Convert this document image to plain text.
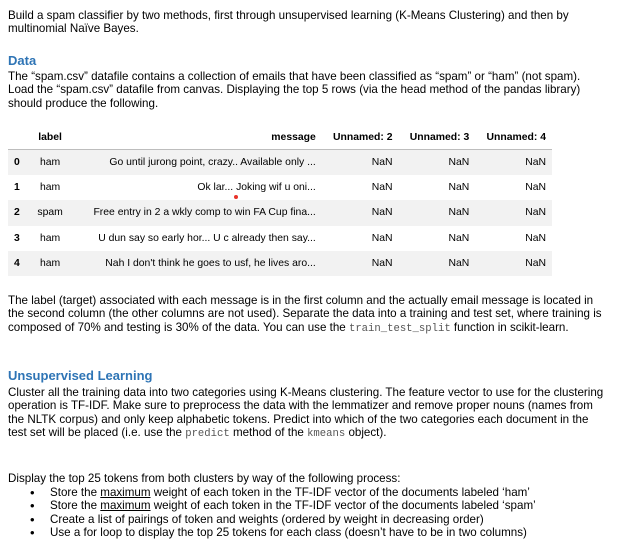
Build a spam classifier by two methods, first through unsupervised learning (K-Means Clustering) and then by multinomial Naïve Bayes.

Data

The “spam.csv” datafile contains a collection of emails that have been classified as “spam” or “ham” (not spam). Load the “spam.csv” datafile from canvas. Displaying the top 5 rows (via the head method of the pandas library) should produce the following.

	label	message	Unnamed: 2	Unnamed: 3	Unnamed: 4
0	ham	Go until jurong point, crazy.. Available only ...	NaN	NaN	NaN
1	ham	Ok lar... Joking wif u oni...	NaN	NaN	NaN
2	spam	Free entry in 2 a wkly comp to win FA Cup fina...	NaN	NaN	NaN
3	ham	U dun say so early hor... U c already then say...	NaN	NaN	NaN
4	ham	Nah I don't think he goes to usf, he lives aro...	NaN	NaN	NaN

The label (target) associated with each message is in the first column and the actually email message is located in the second column (the other columns are not used). Separate the data into a training and test set, where training is composed of 70% and testing is 30% of the data. You can use the train_test_split function in scikit-learn.

Unsupervised Learning

Cluster all the training data into two categories using K-Means clustering. The feature vector to use for the clustering operation is TF-IDF. Make sure to preprocess the data with the lemmatizer and remove proper nouns (names from the NLTK corpus) and only keep alphabetic tokens. Predict into which of the two categories each document in the test set will be placed (i.e. use the predict method of the kmeans object).

Display the top 25 tokens from both clusters by way of the following process:

• Store the maximum weight of each token in the TF-IDF vector of the documents labeled ‘ham’
• Store the maximum weight of each token in the TF-IDF vector of the documents labeled ‘spam’
• Create a list of pairings of token and weights (ordered by weight in decreasing order)
• Use a for loop to display the top 25 tokens for each class (doesn’t have to be in two columns)
